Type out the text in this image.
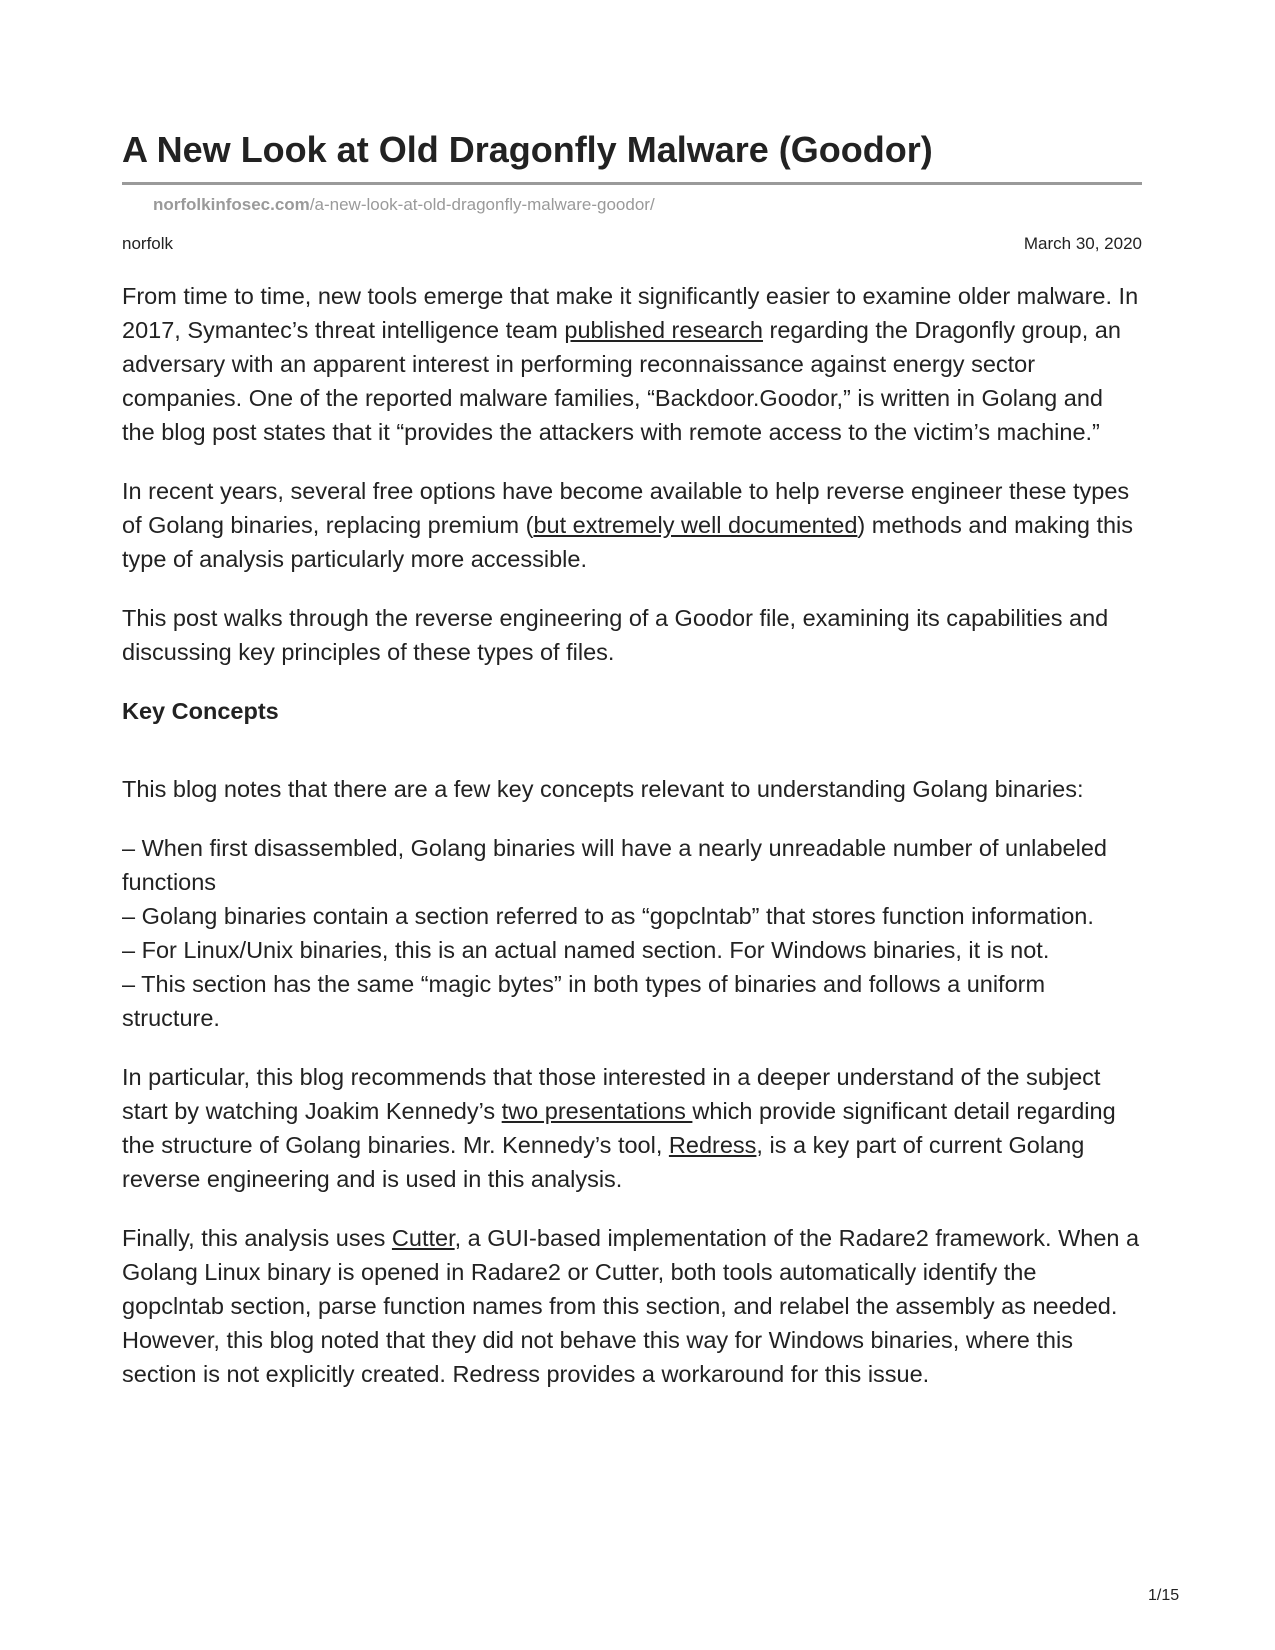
A New Look at Old Dragonfly Malware (Goodor)
norfolkinfosec.com/a-new-look-at-old-dragonfly-malware-goodor/
norfolk	March 30, 2020

From time to time, new tools emerge that make it significantly easier to examine older malware. In 2017, Symantec’s threat intelligence team published research regarding the Dragonfly group, an adversary with an apparent interest in performing reconnaissance against energy sector companies. One of the reported malware families, “Backdoor.Goodor,” is written in Golang and the blog post states that it “provides the attackers with remote access to the victim’s machine.”

In recent years, several free options have become available to help reverse engineer these types of Golang binaries, replacing premium (but extremely well documented) methods and making this type of analysis particularly more accessible.

This post walks through the reverse engineering of a Goodor file, examining its capabilities and discussing key principles of these types of files.

Key Concepts

This blog notes that there are a few key concepts relevant to understanding Golang binaries:

– When first disassembled, Golang binaries will have a nearly unreadable number of unlabeled functions
– Golang binaries contain a section referred to as “gopclntab” that stores function information.
– For Linux/Unix binaries, this is an actual named section. For Windows binaries, it is not.
– This section has the same “magic bytes” in both types of binaries and follows a uniform structure.

In particular, this blog recommends that those interested in a deeper understand of the subject start by watching Joakim Kennedy’s two presentations which provide significant detail regarding the structure of Golang binaries. Mr. Kennedy’s tool, Redress, is a key part of current Golang reverse engineering and is used in this analysis.

Finally, this analysis uses Cutter, a GUI-based implementation of the Radare2 framework. When a Golang Linux binary is opened in Radare2 or Cutter, both tools automatically identify the gopclntab section, parse function names from this section, and relabel the assembly as needed. However, this blog noted that they did not behave this way for Windows binaries, where this section is not explicitly created. Redress provides a workaround for this issue.

1/15
